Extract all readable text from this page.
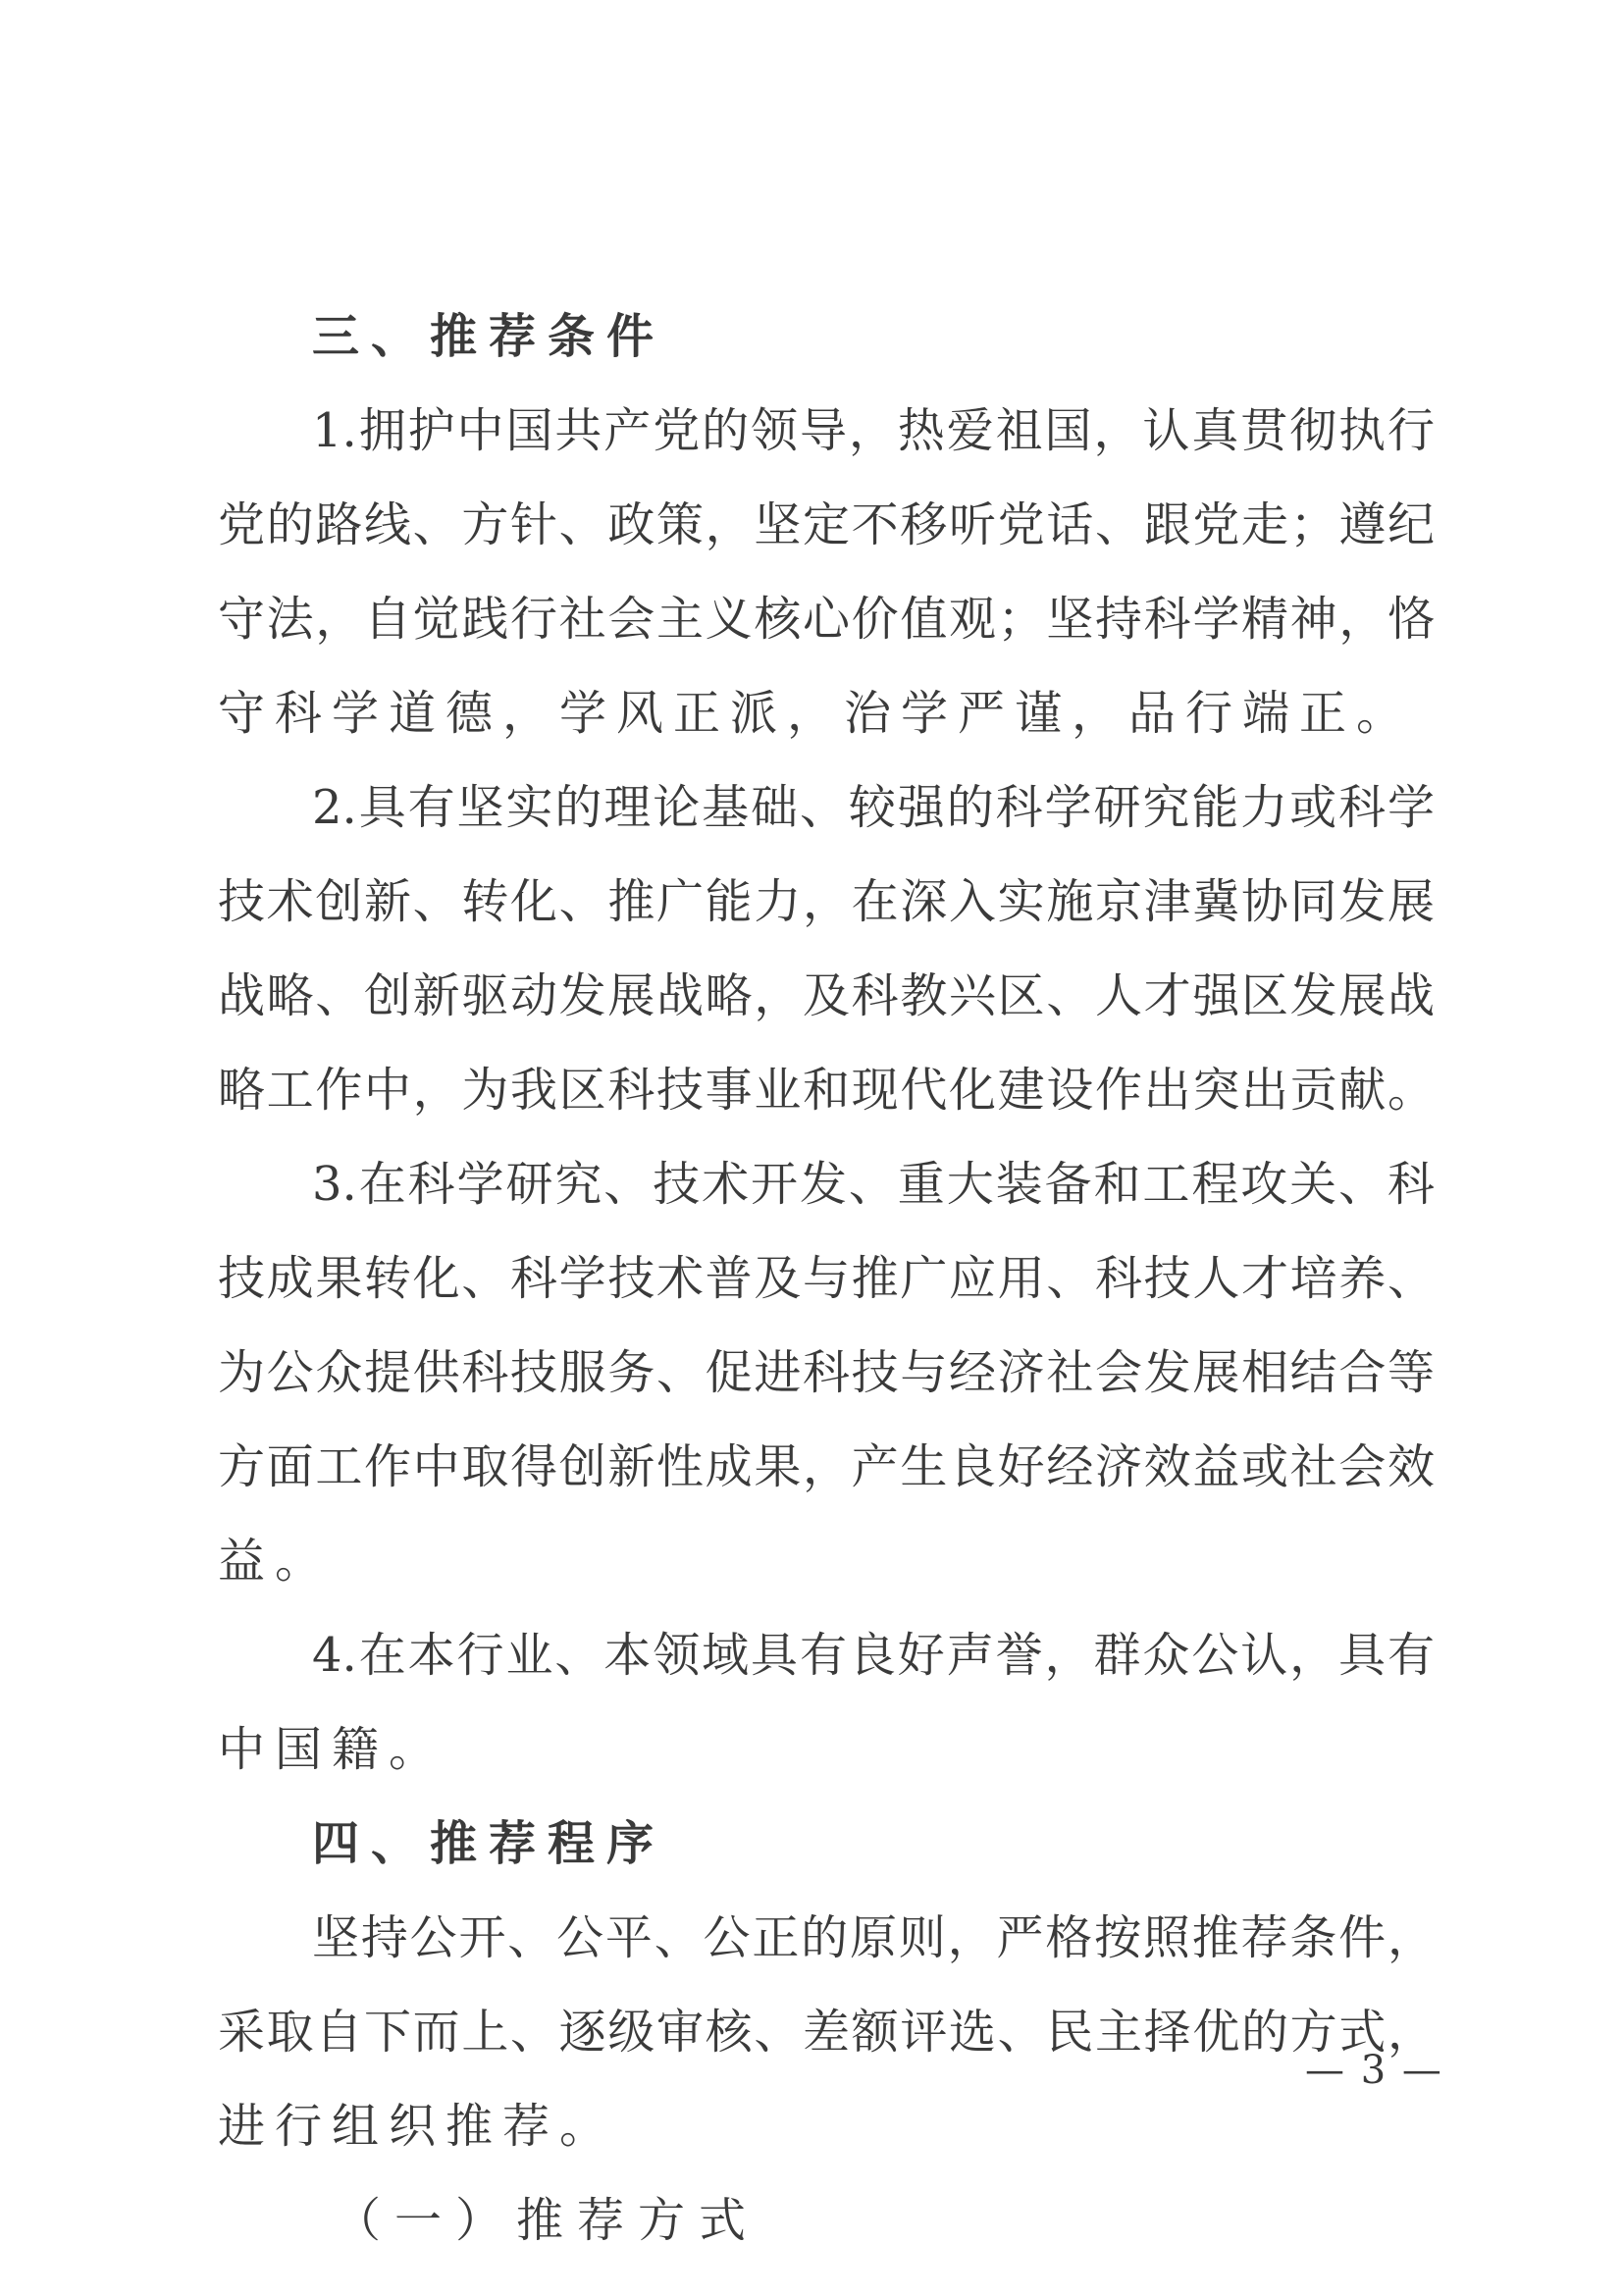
三、推荐条件
1.拥护中国共产党的领导，热爱祖国，认真贯彻执行
党的路线、方针、政策，坚定不移听党话、跟党走；遵纪
守法，自觉践行社会主义核心价值观；坚持科学精神，恪
守科学道德，学风正派，治学严谨，品行端正。
2.具有坚实的理论基础、较强的科学研究能力或科学
技术创新、转化、推广能力，在深入实施京津冀协同发展
战略、创新驱动发展战略，及科教兴区、人才强区发展战
略工作中，为我区科技事业和现代化建设作出突出贡献。
3.在科学研究、技术开发、重大装备和工程攻关、科
技成果转化、科学技术普及与推广应用、科技人才培养、
为公众提供科技服务、促进科技与经济社会发展相结合等
方面工作中取得创新性成果，产生良好经济效益或社会效
益。
4.在本行业、本领域具有良好声誉，群众公认，具有
中国籍。
四、推荐程序
坚持公开、公平、公正的原则，严格按照推荐条件，
采取自下而上、逐级审核、差额评选、民主择优的方式，
进行组织推荐。
（一）推荐方式
— 3 —
